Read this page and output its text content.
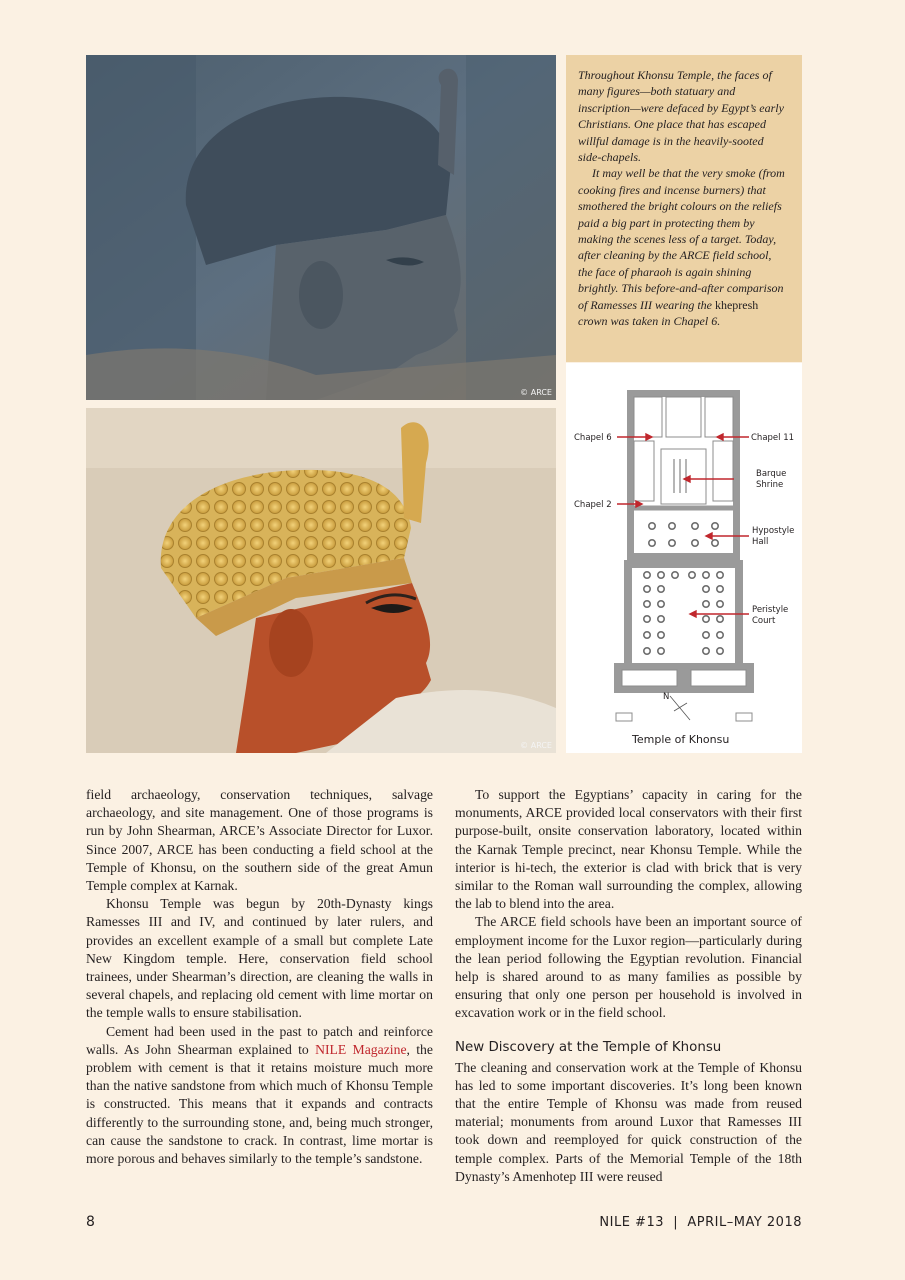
© ARCE
© ARCE

Throughout Khonsu Temple, the faces of many figures—both statuary and inscription—were defaced by Egypt’s early Christians. One place that has escaped willful damage is in the heavily-sooted side-chapels.

It may well be that the very smoke (from cooking fires and incense burners) that smothered the bright colours on the reliefs paid a big part in protecting them by making the scenes less of a target. Today, after cleaning by the ARCE field school, the face of pharaoh is again shining brightly. This before-and-after comparison of Ramesses III wearing the khepresh crown was taken in Chapel 6.

N
Chapel 6	Chapel 11
Barque
Shrine
Chapel 2
Hypostyle
Hall
Peristyle
Court
Temple of Khonsu

field archaeology, conservation techniques, salvage archaeology, and site management. One of those programs is run by John Shearman, ARCE’s Associate Director for Luxor. Since 2007, ARCE has been conducting a field school at the Temple of Khonsu, on the southern side of the great Amun Temple complex at Karnak.

Khonsu Temple was begun by 20th-Dynasty kings Ramesses III and IV, and continued by later rulers, and provides an excellent example of a small but complete Late New Kingdom temple. Here, conservation field school trainees, under Shearman’s direction, are cleaning the walls in several chapels, and replacing old cement with lime mortar on the temple walls to ensure stabilisation.

Cement had been used in the past to patch and reinforce walls. As John Shearman explained to NILE Magazine, the problem with cement is that it retains moisture much more than the native sandstone from which much of Khonsu Temple is constructed. This means that it expands and contracts differently to the surrounding stone, and, being much stronger, can cause the sandstone to crack. In contrast, lime mortar is more porous and behaves similarly to the temple’s sandstone.

To support the Egyptians’ capacity in caring for the monuments, ARCE provided local conservators with their first purpose-built, onsite conservation laboratory, located within the Karnak Temple precinct, near Khonsu Temple. While the interior is hi-tech, the exterior is clad with brick that is very similar to the Roman wall surrounding the complex, allowing the lab to blend into the area.

The ARCE field schools have been an important source of employment income for the Luxor region—particularly during the lean period following the Egyptian revolution. Financial help is shared around to as many families as possible by ensuring that only one person per household is involved in excavation work or in the field school.

New Discovery at the Temple of Khonsu

The cleaning and conservation work at the Temple of Khonsu has led to some important discoveries. It’s long been known that the entire Temple of Khonsu was made from reused material; monuments from around Luxor that Ramesses III took down and reemployed for quick construction of the temple complex. Parts of the Memorial Temple of the 18th Dynasty’s Amenhotep III were reused

8	NILE #13  |  APRIL–MAY 2018
